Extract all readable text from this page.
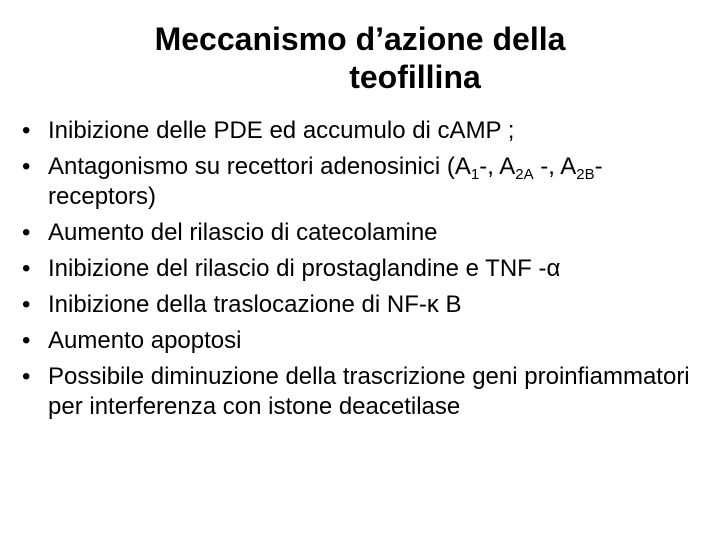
Meccanismo d’azione della
teofillina
• Inibizione delle PDE ed accumulo di cAMP ;
• Antagonismo su recettori adenosinici ($A_1-$, $A_{2A}$ -, $A_{2B}-receptors$)
• Aumento del rilascio di catecolamine
• Inibizione del rilascio di prostaglandine e TNF -α
• Inibizione della traslocazione di NF-κ B
• Aumento apoptosi
• Possibile diminuzione della trascrizione geni proinfiammatori per interferenza con istone deacetilase
